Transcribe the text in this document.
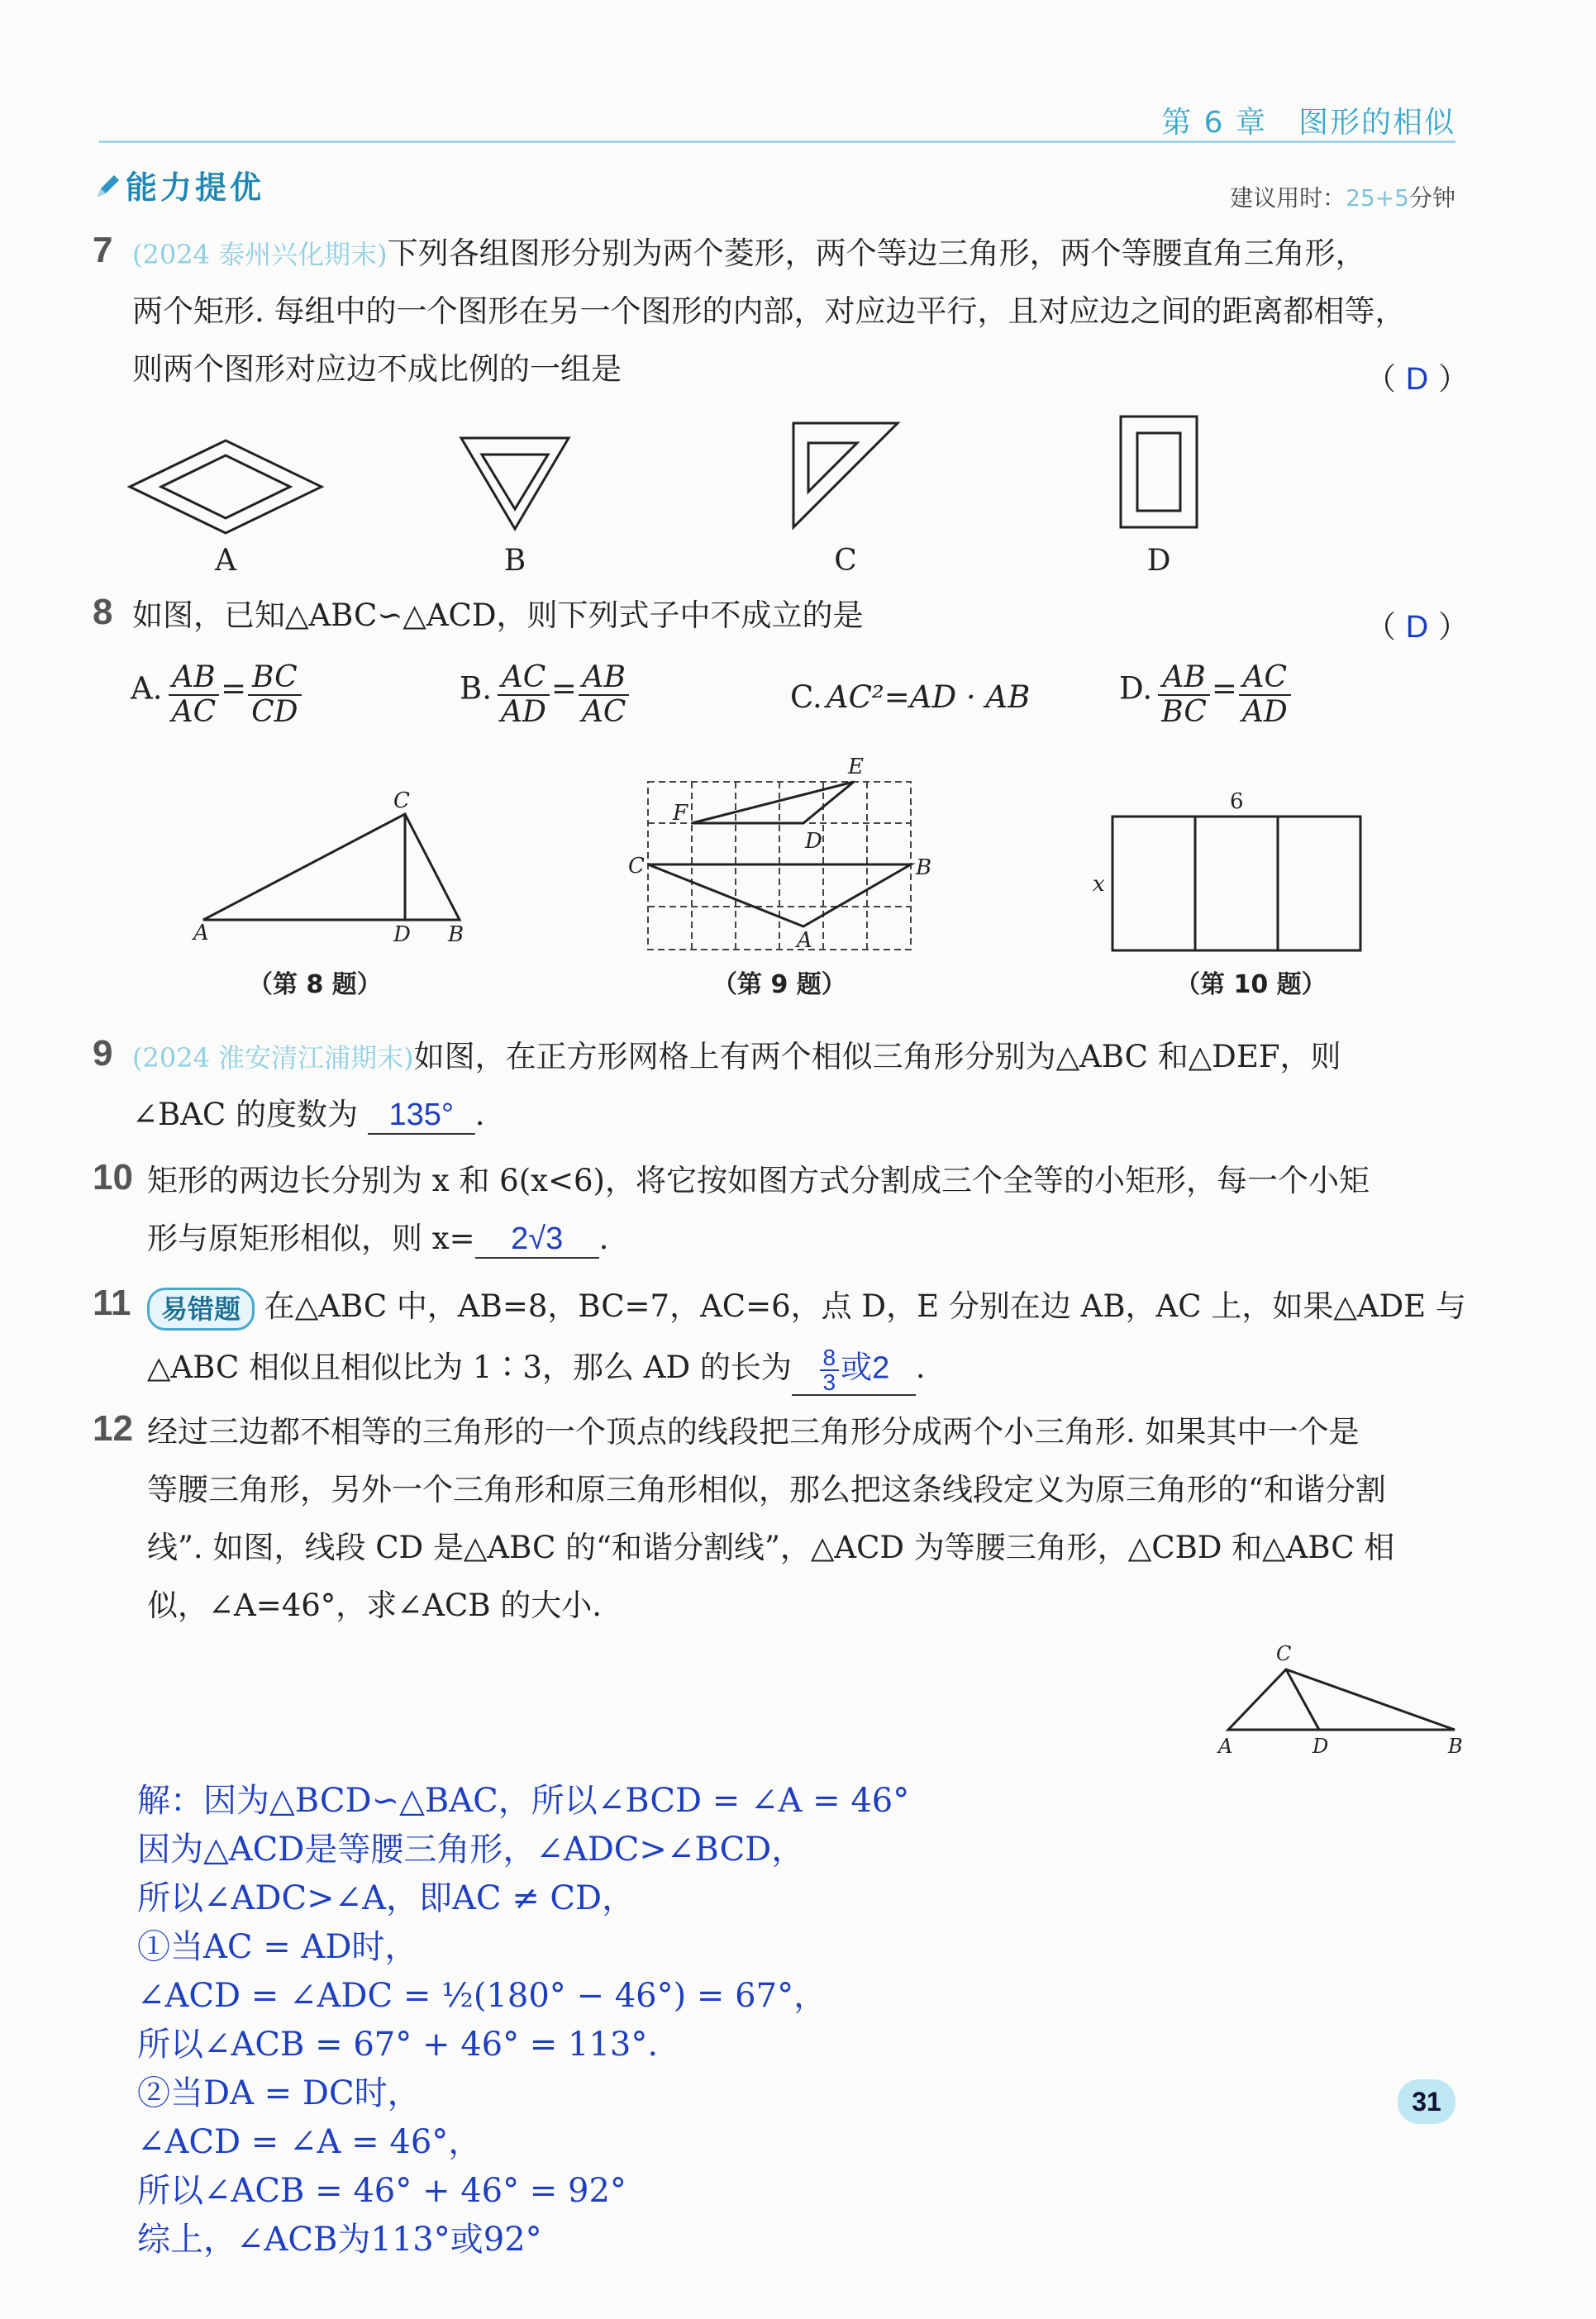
第 6 章　图形的相似
能力提优	建议用时：25+5分钟
7 (2024 泰州兴化期末)下列各组图形分别为两个菱形，两个等边三角形，两个等腰直角三角形，
两个矩形. 每组中的一个图形在另一个图形的内部，对应边平行，且对应边之间的距离都相等，
则两个图形对应边不成比例的一组是	（ D ）
A	B	C	D
8 如图，已知△ABC∽△ACD，则下列式子中不成立的是	（ D ）
A. $\frac{AB}{AC} = \frac{BC}{CD}$	B. $\frac{AC}{AD} = \frac{AB}{AC}$	C. AC²=AD · AB	D. $\frac{AB}{BC} = \frac{AC}{AD}$
C
A	D B
（第 8 题）
E
F
D
C	B
A
（第 9 题）
6
x
（第 10 题）
9 (2024 淮安清江浦期末)如图，在正方形网格上有两个相似三角形分别为△ABC 和△DEF，则
∠BAC 的度数为 135° .
10 矩形的两边长分别为 x 和 6(x<6)，将它按如图方式分割成三个全等的小矩形，每一个小矩
形与原矩形相似，则 x= 2√3 .
11	易错题 在△ABC 中，AB=8，BC=7，AC=6，点 D，E 分别在边 AB，AC 上，如果△ADE 与
△ABC 相似且相似比为 1∶3，那么 AD 的长为 $\frac{8}{3}$ 或2 .
12 经过三边都不相等的三角形的一个顶点的线段把三角形分成两个小三角形. 如果其中一个是
等腰三角形，另外一个三角形和原三角形相似，那么把这条线段定义为原三角形的“和谐分割
线”. 如图，线段 CD 是△ABC 的“和谐分割线”，△ACD 为等腰三角形，△CBD 和△ABC 相
似，∠A=46°，求∠ACB 的大小.
C
A	D	B
解：因为△BCD∽△BAC，所以∠BCD = ∠A = 46°
因为△ACD是等腰三角形，∠ADC>∠BCD，
所以∠ADC>∠A，即AC ≠ CD，
①当AC = AD时，
∠ACD = ∠ADC = ½(180° − 46°) = 67°，
所以∠ACB = 67° + 46° = 113°.
②当DA = DC时，
∠ACD = ∠A = 46°，
所以∠ACB = 46° + 46° = 92°
综上，∠ACB为113°或92°
31
